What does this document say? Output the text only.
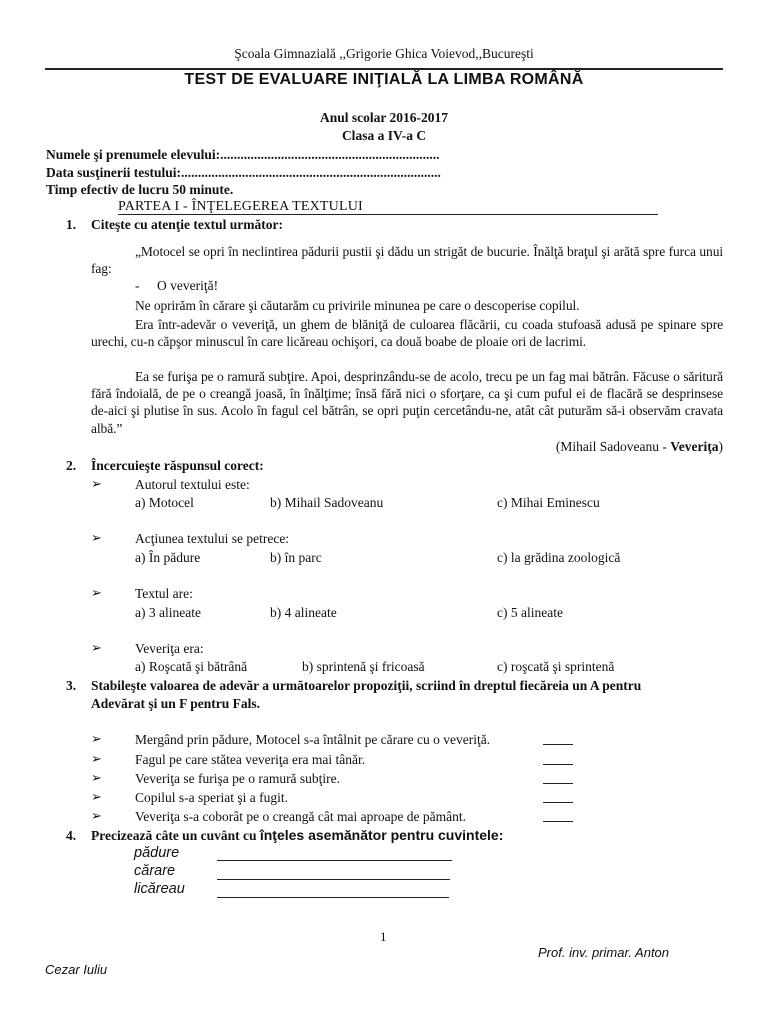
Şcoala Gimnazială ,,Grigorie Ghica Voievod,,Bucureşti
TEST DE EVALUARE INIŢIALĂ LA LIMBA ROMÂNĂ
Anul scolar 2016-2017
Clasa a IV-a C
Numele şi prenumele elevului:.................................................................
Data susţinerii testului:.............................................................................
Timp efectiv de lucru 50 minute.
PARTEA I - ÎNŢELEGEREA TEXTULUI
1. Citeşte cu atenţie textul următor:
„Motocel se opri în neclintirea pădurii pustii şi dădu un strigăt de bucurie. Înălţă braţul şi arătă spre furca unui fag:
- O veveriţă!
Ne oprirăm în cărare şi căutarăm cu privirile minunea pe care o descoperise copilul.
Era într-adevăr o veveriţă, un ghem de blăniţă de culoarea flăcării, cu coada stufoasă adusă pe spinare spre urechi, cu-n căpşor minuscul în care licăreau ochişori, ca două boabe de ploaie ori de lacrimi.
Ea se furişa pe o ramură subţire. Apoi, desprinzându-se de acolo, trecu pe un fag mai bătrân. Făcuse o săritură fără îndoială, de pe o creangă joasă, în înălţime; însă fără nici o sforţare, ca şi cum puful ei de flacără se desprinsese de-aici şi plutise în sus. Acolo în fagul cel bătrân, se opri puţin cercetându-ne, atât cât puturăm să-i observăm cravata albă.”
(Mihail Sadoveanu - Veveriţa)
2. Încercuieşte răspunsul corect:
➢ Autorul textului este:
a) Motocel	b) Mihail Sadoveanu	c) Mihai Eminescu
➢ Acţiunea textului se petrece:
a) În pădure	b) în parc	c) la grădina zoologică
➢ Textul are:
a) 3 alineate	b) 4 alineate	c) 5 alineate
➢ Veveriţa era:
a) Roşcată şi bătrână	b) sprintenă şi fricoasă	c) roşcată şi sprintenă
3. Stabileşte valoarea de adevăr a următoarelor propoziţii, scriind în dreptul fiecăreia un A pentru
Adevărat şi un F pentru Fals.
➢ Mergând prin pădure, Motocel s-a întâlnit pe cărare cu o veveriţă.
➢ Fagul pe care stătea veveriţa era mai tânăr.
➢ Veveriţa se furişa pe o ramură subţire.
➢ Copilul s-a speriat şi a fugit.
➢ Veveriţa s-a coborât pe o creangă cât mai aproape de pământ.
4. Precizează câte un cuvânt cu înţeles asemănător pentru cuvintele:
pădure
cărare
licăreau
1
Prof. inv. primar. Anton
Cezar Iuliu
